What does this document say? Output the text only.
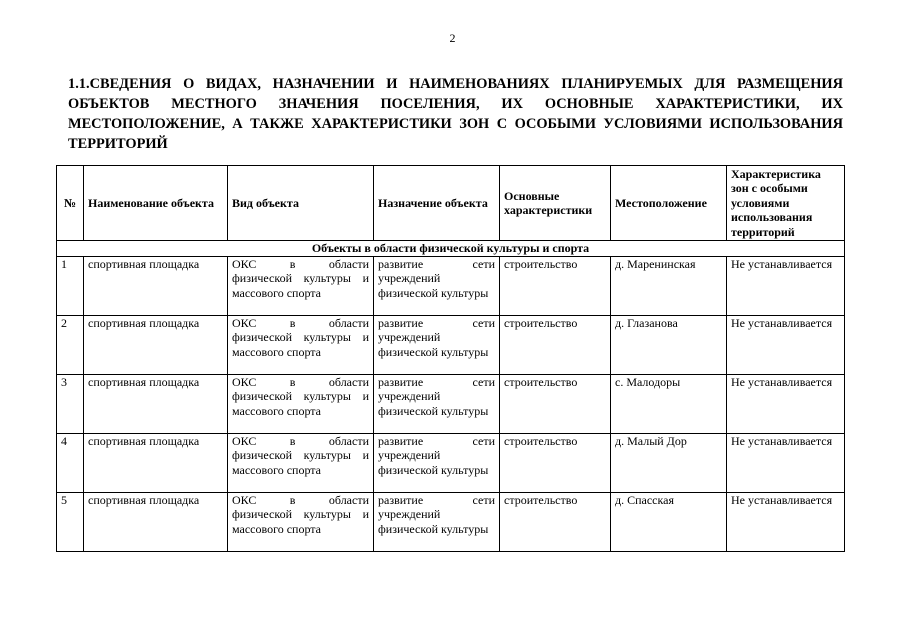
2
1.1.СВЕДЕНИЯ О ВИДАХ, НАЗНАЧЕНИИ И НАИМЕНОВАНИЯХ ПЛАНИРУЕМЫХ ДЛЯ РАЗМЕЩЕНИЯ ОБЪЕКТОВ МЕСТНОГО ЗНАЧЕНИЯ ПОСЕЛЕНИЯ, ИХ ОСНОВНЫЕ ХАРАКТЕРИСТИКИ, ИХ МЕСТОПОЛОЖЕНИЕ, А ТАКЖЕ ХАРАКТЕРИСТИКИ ЗОН С ОСОБЫМИ УСЛОВИЯМИ ИСПОЛЬЗОВАНИЯ ТЕРРИТОРИЙ
№	Наименование объекта	Вид объекта	Назначение объекта	Основные характеристики	Местоположение	Характеристика зон с особыми условиями использования территорий
Объекты в области физической культуры и спорта						
1	спортивная площадка	ОКС в области физической культуры и массового спорта	развитие сети учреждений физической культуры	строительство	д. Маренинская	Не устанавливается
2	спортивная площадка	ОКС в области физической культуры и массового спорта	развитие сети учреждений физической культуры	строительство	д. Глазанова	Не устанавливается
3	спортивная площадка	ОКС в области физической культуры и массового спорта	развитие сети учреждений физической культуры	строительство	с. Малодоры	Не устанавливается
4	спортивная площадка	ОКС в области физической культуры и массового спорта	развитие сети учреждений физической культуры	строительство	д. Малый Дор	Не устанавливается
5	спортивная площадка	ОКС в области физической культуры и массового спорта	развитие сети учреждений физической культуры	строительство	д. Спасская	Не устанавливается
